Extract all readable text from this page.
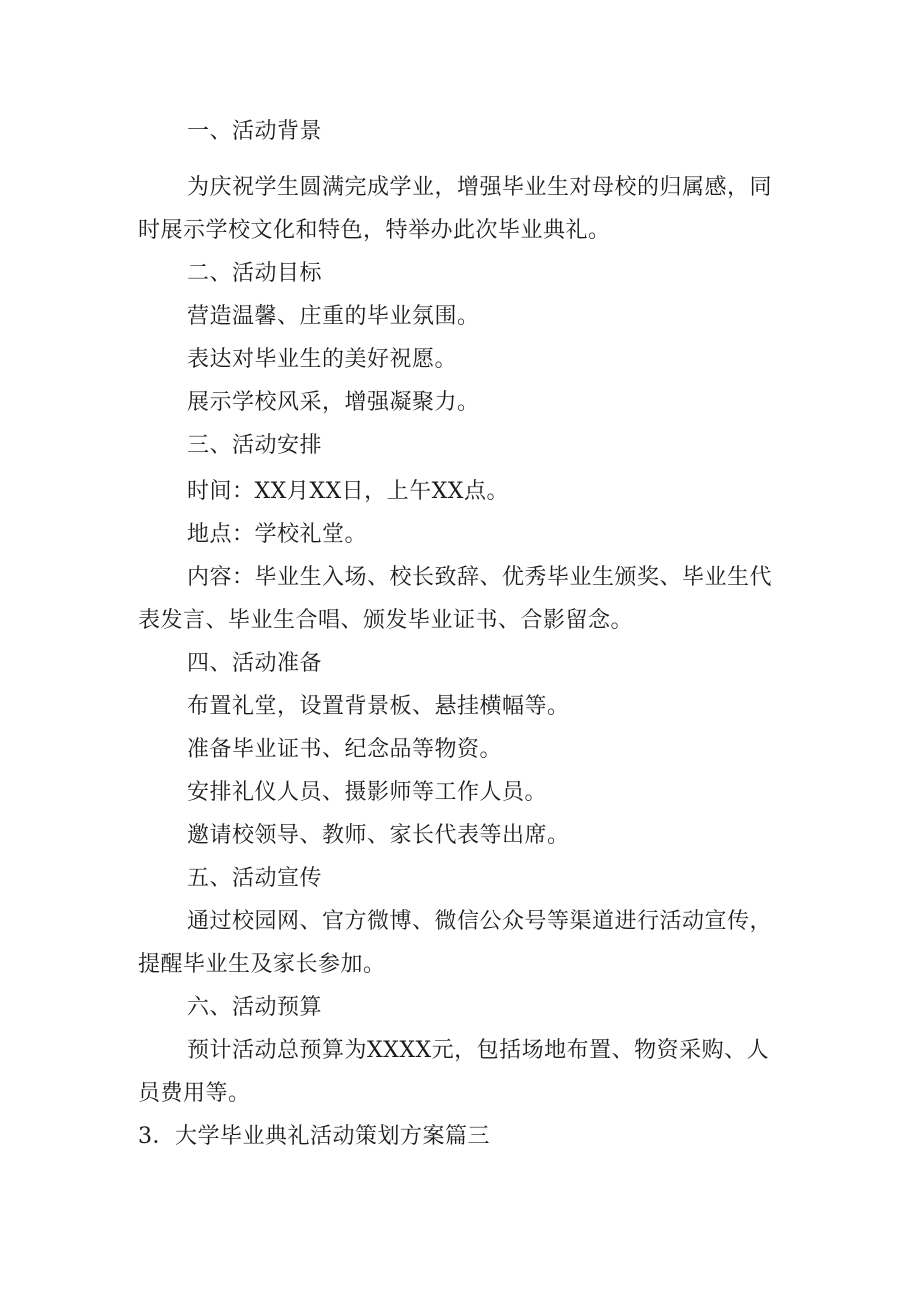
一、活动背景
为庆祝学生圆满完成学业，增强毕业生对母校的归属感，同
时展示学校文化和特色，特举办此次毕业典礼。
二、活动目标
营造温馨、庄重的毕业氛围。
表达对毕业生的美好祝愿。
展示学校风采，增强凝聚力。
三、活动安排
时间：XX月XX日，上午XX点。
地点：学校礼堂。
内容：毕业生入场、校长致辞、优秀毕业生颁奖、毕业生代
表发言、毕业生合唱、颁发毕业证书、合影留念。
四、活动准备
布置礼堂，设置背景板、悬挂横幅等。
准备毕业证书、纪念品等物资。
安排礼仪人员、摄影师等工作人员。
邀请校领导、教师、家长代表等出席。
五、活动宣传
通过校园网、官方微博、微信公众号等渠道进行活动宣传，
提醒毕业生及家长参加。
六、活动预算
预计活动总预算为XXXX元，包括场地布置、物资采购、人
员费用等。
3．大学毕业典礼活动策划方案篇三
